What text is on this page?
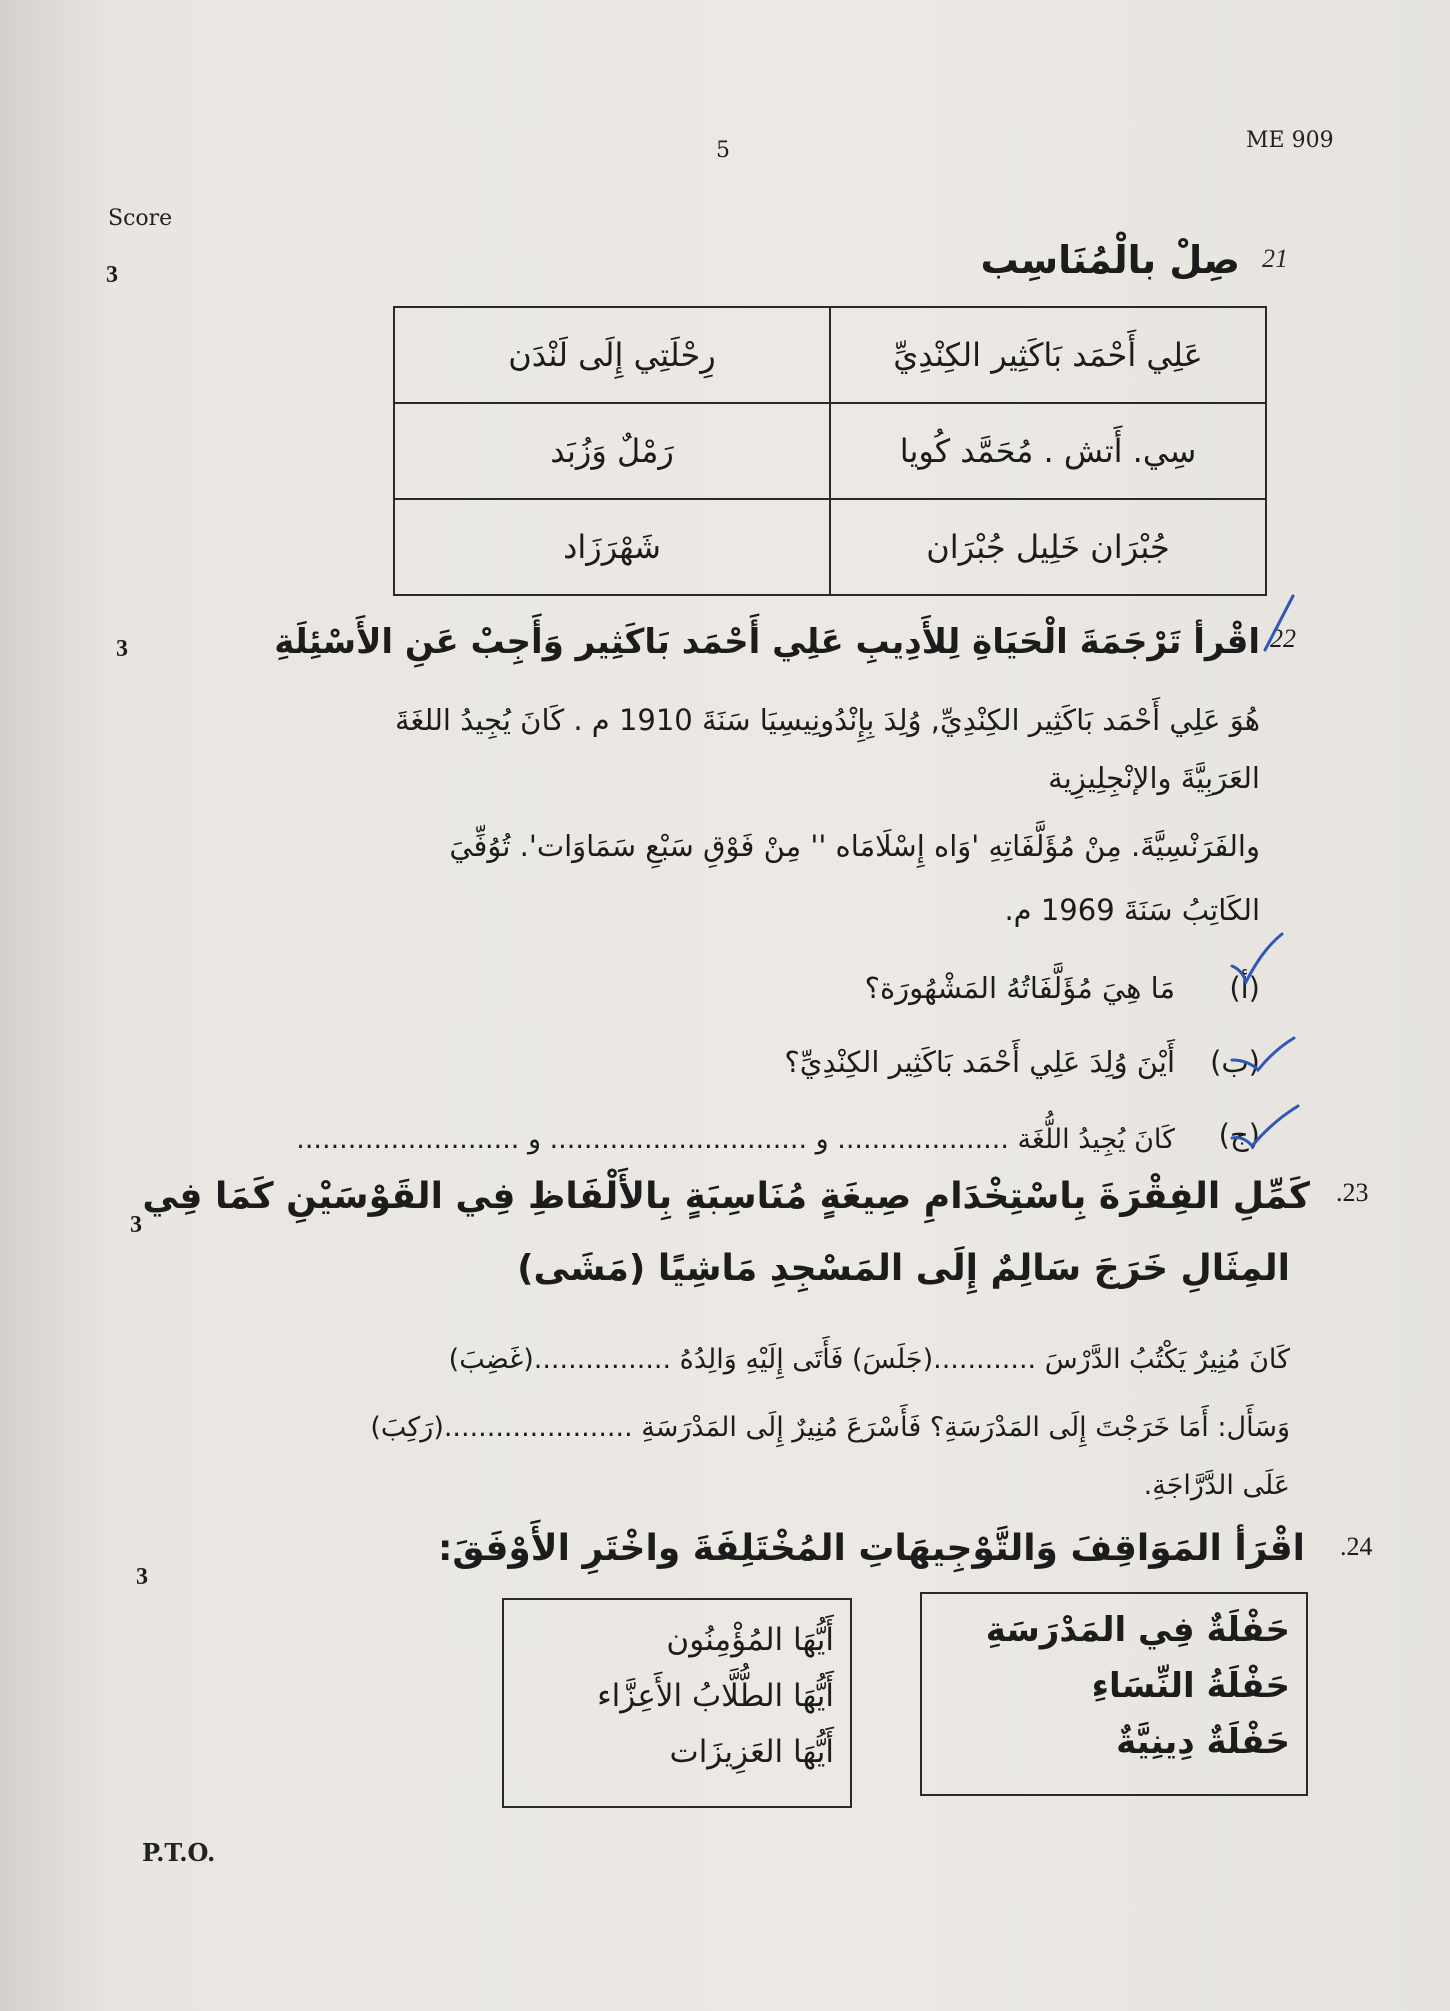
5	ME 909
Score
3
21
صِلْ بالْمُنَاسِب
رِحْلَتِي إِلَى لَنْدَن	عَلِي أَحْمَد بَاكَثِير الكِنْدِيِّ
رَمْلٌ وَزُبَد	سِي. أَتش . مُحَمَّد كُويا
شَهْرَزَاد	جُبْرَان خَلِيل جُبْرَان
3	22
اقْرأ تَرْجَمَةَ الْحَيَاةِ لِلأَدِيبِ عَلِي أَحْمَد بَاكَثِير وَأَجِبْ عَنِ الأَسْئِلَةِ
هُوَ عَلِي أَحْمَد بَاكَثِير الكِنْدِيِّ, وُلِدَ بِإِنْدُونِيسِيَا سَنَةَ 1910 م . كَانَ يُجِيدُ اللغَةَ
العَرَبِيَّةَ والإنْجِلِيزِية
والفَرَنْسِيَّةَ. مِنْ مُؤَلَّفَاتِهِ 'وَاه إِسْلَامَاه '' مِنْ فَوْقِ سَبْعِ سَمَاوَات'. تُوُفِّيَ
الكَاتِبُ سَنَةَ 1969 م.
(أ)
مَا هِيَ مُؤَلَّفَاتُهُ المَشْهُورَة؟
(ب)
أَيْنَ وُلِدَ عَلِي أَحْمَد بَاكَثِير الكِنْدِيِّ؟
(ج)
كَانَ يُجِيدُ اللُّغَة .................... و .............................. و ..........................
3
.23
كَمِّلِ الفِقْرَةَ بِاسْتِخْدَامِ صِيغَةٍ مُنَاسِبَةٍ بِالأَلْفَاظِ فِي القَوْسَيْنِ كَمَا فِي
المِثَالِ خَرَجَ سَالِمٌ إِلَى المَسْجِدِ مَاشِيًا (مَشَى)
كَانَ مُنِيرٌ يَكْتُبُ الدَّرْسَ ............(جَلَسَ) فَأَتَى إِلَيْهِ وَالِدُهُ ................(غَضِبَ)
وَسَأَل: أَمَا خَرَجْتَ إِلَى المَدْرَسَةِ؟ فَأَسْرَعَ مُنِيرٌ إِلَى المَدْرَسَةِ ......................(رَكِبَ)
عَلَى الدَّرَّاجَةِ.
3
.24
اقْرَأ المَوَاقِفَ وَالتَّوْجِيهَاتِ المُخْتَلِفَةَ واخْتَرِ الأَوْفَقَ:
حَفْلَةٌ فِي المَدْرَسَةِ
حَفْلَةُ النِّسَاءِ
حَفْلَةٌ دِينِيَّةٌ
أَيُّهَا المُؤْمِنُون
أَيُّهَا الطُّلَّابُ الأَعِزَّاء
أَيُّهَا العَزِيزَات
P.T.O.
